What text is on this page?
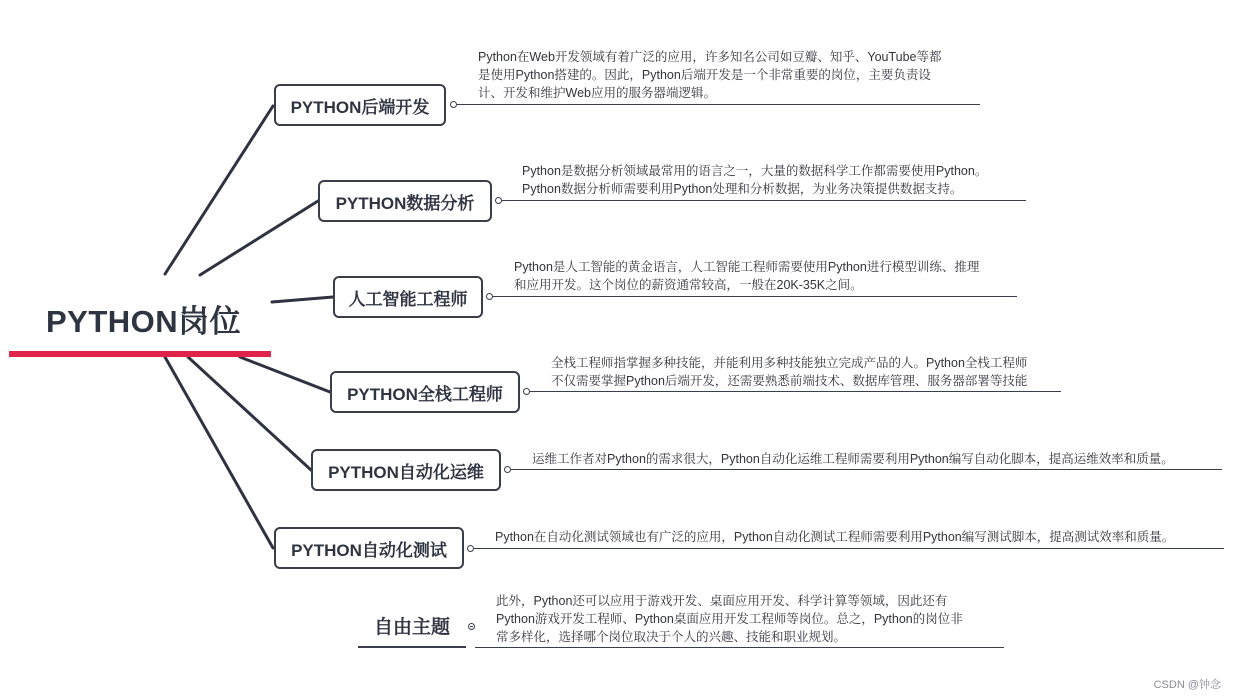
PYTHON岗位
PYTHON后端开发
Python在Web开发领域有着广泛的应用，许多知名公司如豆瓣、知乎、YouTube等都
是使用Python搭建的。因此，Python后端开发是一个非常重要的岗位，主要负责设
计、开发和维护Web应用的服务器端逻辑。
PYTHON数据分析
Python是数据分析领域最常用的语言之一，大量的数据科学工作都需要使用Python。
Python数据分析师需要利用Python处理和分析数据，为业务决策提供数据支持。
人工智能工程师
Python是人工智能的黄金语言，人工智能工程师需要使用Python进行模型训练、推理
和应用开发。这个岗位的薪资通常较高，一般在20K-35K之间。
PYTHON全栈工程师
全栈工程师指掌握多种技能，并能利用多种技能独立完成产品的人。Python全栈工程师
不仅需要掌握Python后端开发，还需要熟悉前端技术、数据库管理、服务器部署等技能
PYTHON自动化运维
运维工作者对Python的需求很大，Python自动化运维工程师需要利用Python编写自动化脚本，提高运维效率和质量。
PYTHON自动化测试
Python在自动化测试领域也有广泛的应用，Python自动化测试工程师需要利用Python编写测试脚本，提高测试效率和质量。
自由主题
此外，Python还可以应用于游戏开发、桌面应用开发、科学计算等领域，因此还有
Python游戏开发工程师、Python桌面应用开发工程师等岗位。总之，Python的岗位非
常多样化，选择哪个岗位取决于个人的兴趣、技能和职业规划。
CSDN @钟念
